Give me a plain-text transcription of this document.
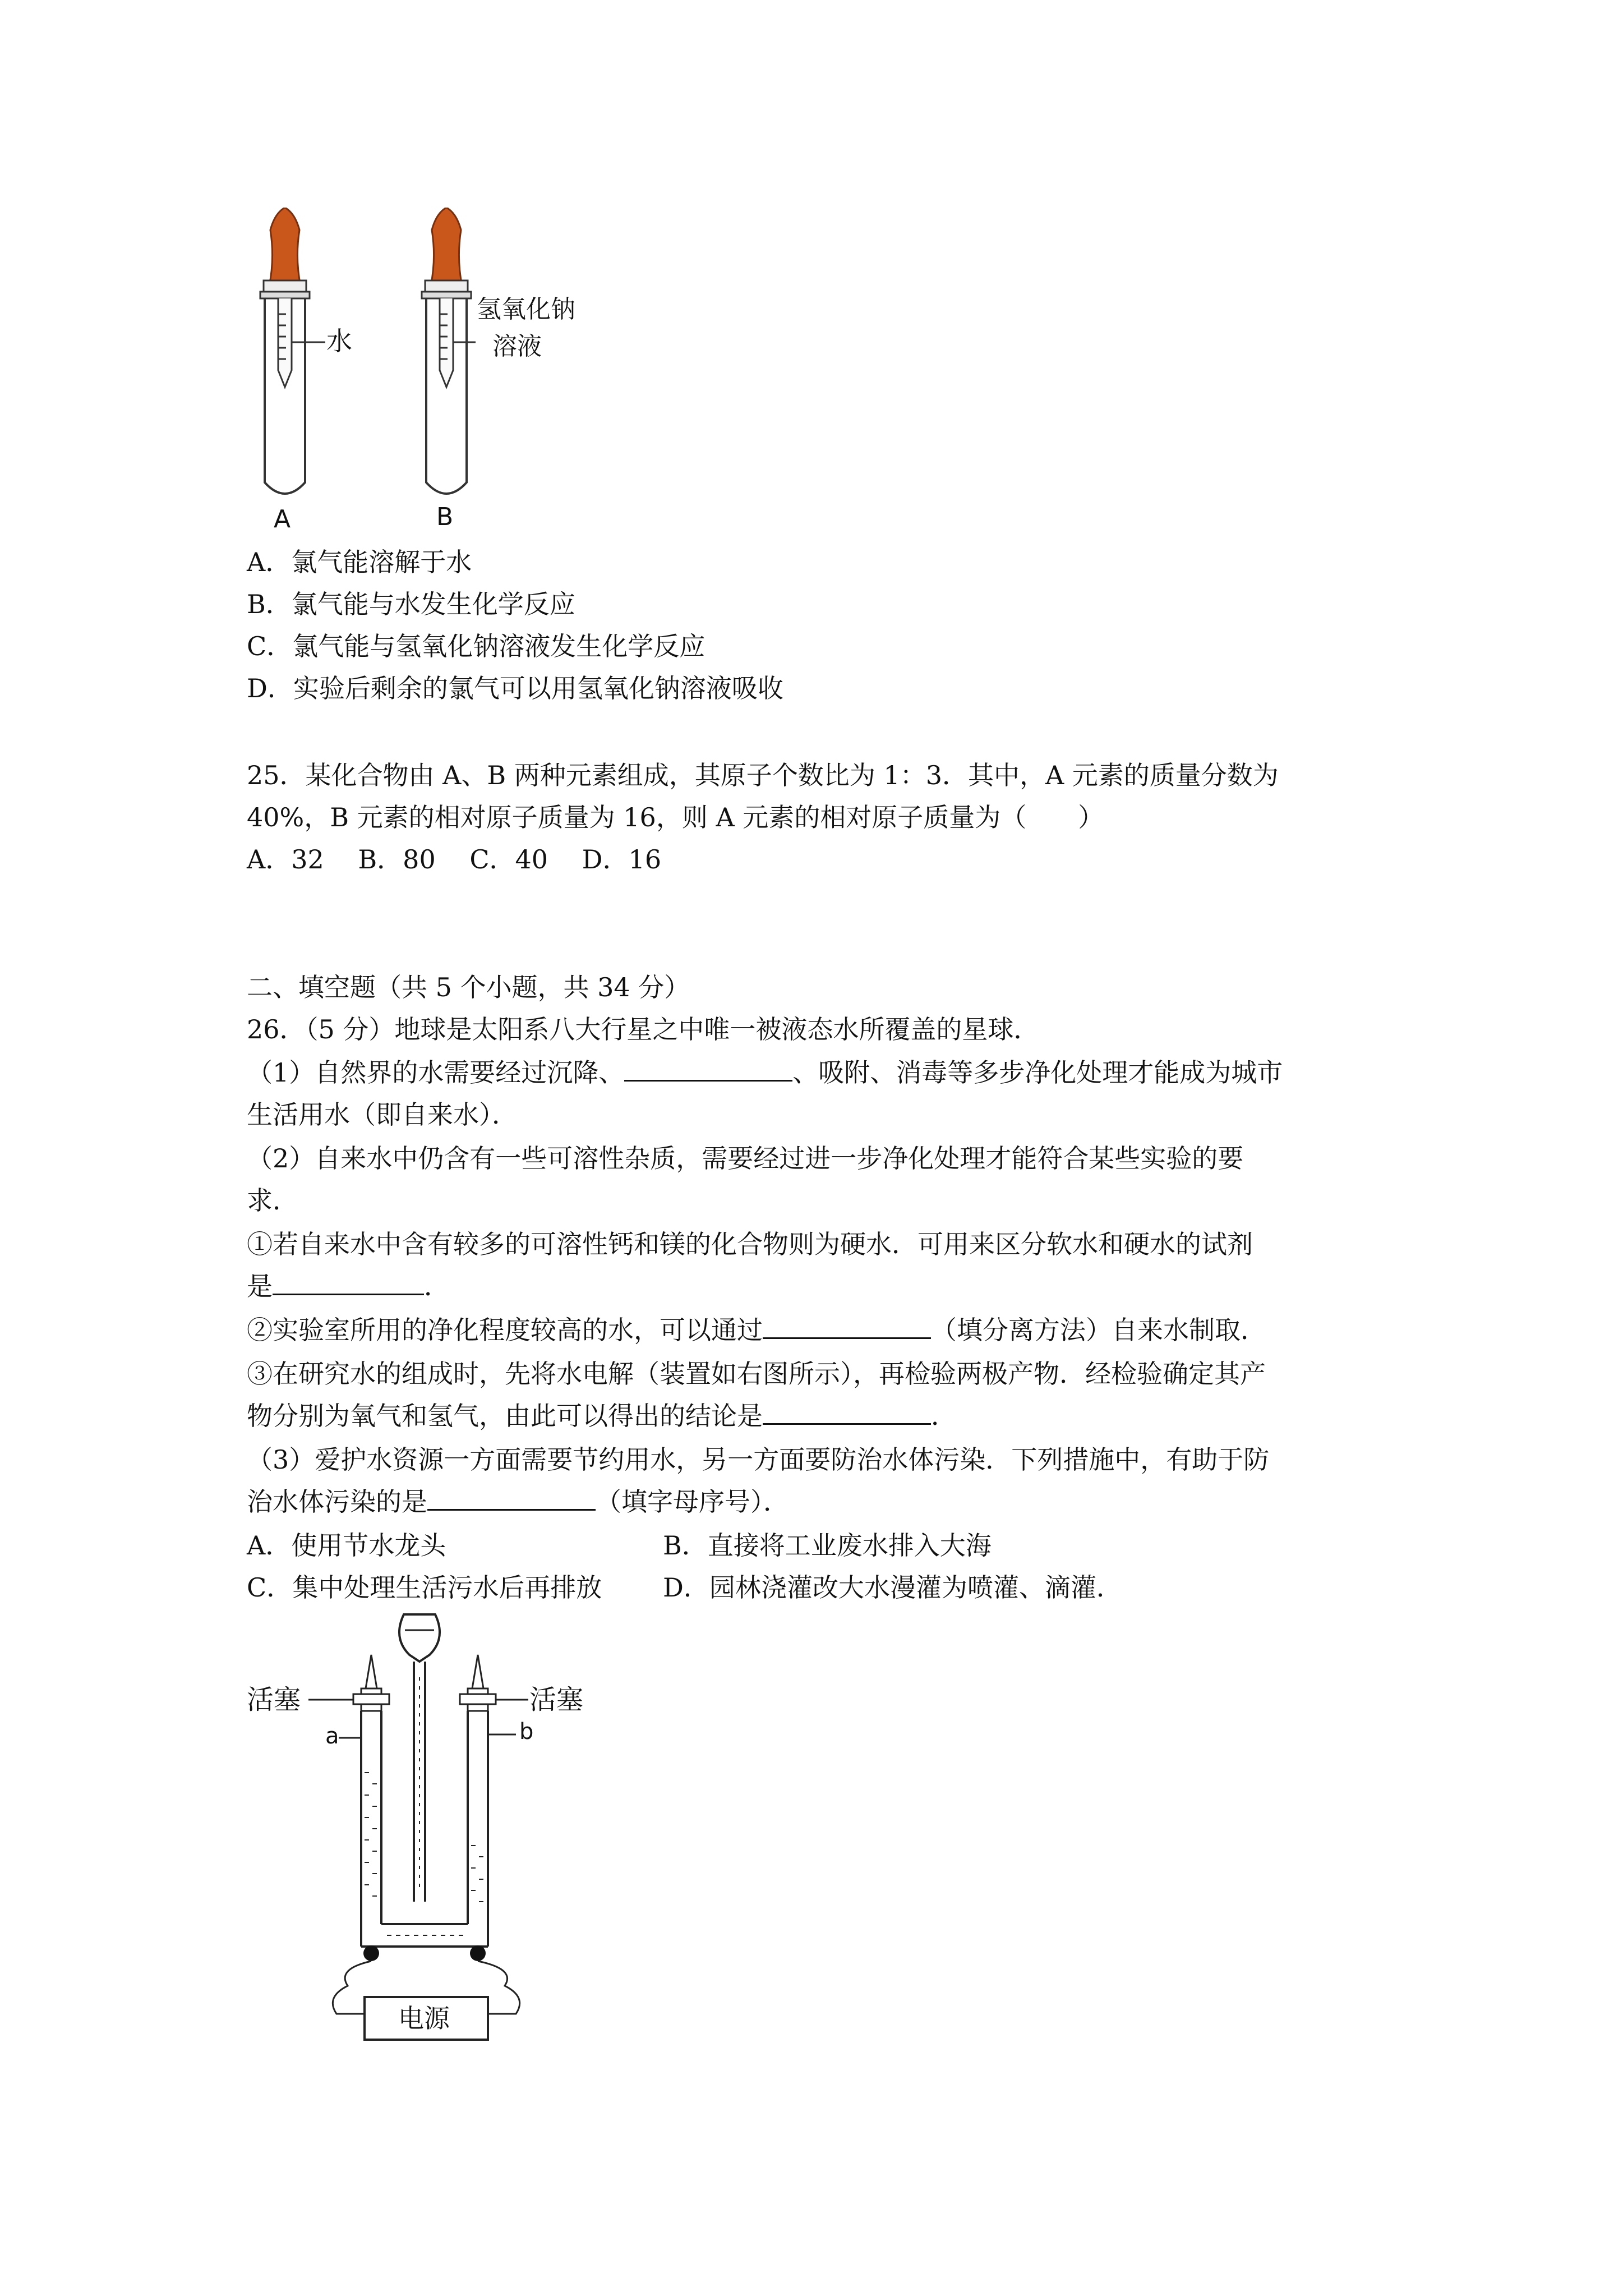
水
A
氢氧化钠
溶液
B
A．氯气能溶解于水
B．氯气能与水发生化学反应
C．氯气能与氢氧化钠溶液发生化学反应
D．实验后剩余的氯气可以用氢氧化钠溶液吸收
25．某化合物由 A、B 两种元素组成，其原子个数比为 1：3．其中，A 元素的质量分数为
40%，B 元素的相对原子质量为 16，则 A 元素的相对原子质量为（　　）
A．32　 B．80　 C．40　 D．16
二、填空题（共 5 个小题，共 34 分）
26．（5 分）地球是太阳系八大行星之中唯一被液态水所覆盖的星球．
（1）自然界的水需要经过沉降、	、吸附、消毒等多步净化处理才能成为城市
生活用水（即自来水）．
（2）自来水中仍含有一些可溶性杂质，需要经过进一步净化处理才能符合某些实验的要
求．
①若自来水中含有较多的可溶性钙和镁的化合物则为硬水．可用来区分软水和硬水的试剂
是	．
②实验室所用的净化程度较高的水，可以通过	（填分离方法）自来水制取．
③在研究水的组成时，先将水电解（装置如右图所示），再检验两极产物．经检验确定其产
物分别为氧气和氢气，由此可以得出的结论是	．
（3）爱护水资源一方面需要节约用水，另一方面要防治水体污染．下列措施中，有助于防
治水体污染的是	（填字母序号）．
A．使用节水龙头	B．直接将工业废水排入大海
C．集中处理生活污水后再排放 D．园林浇灌改大水漫灌为喷灌、滴灌．
电源
活塞	活塞
a	b
